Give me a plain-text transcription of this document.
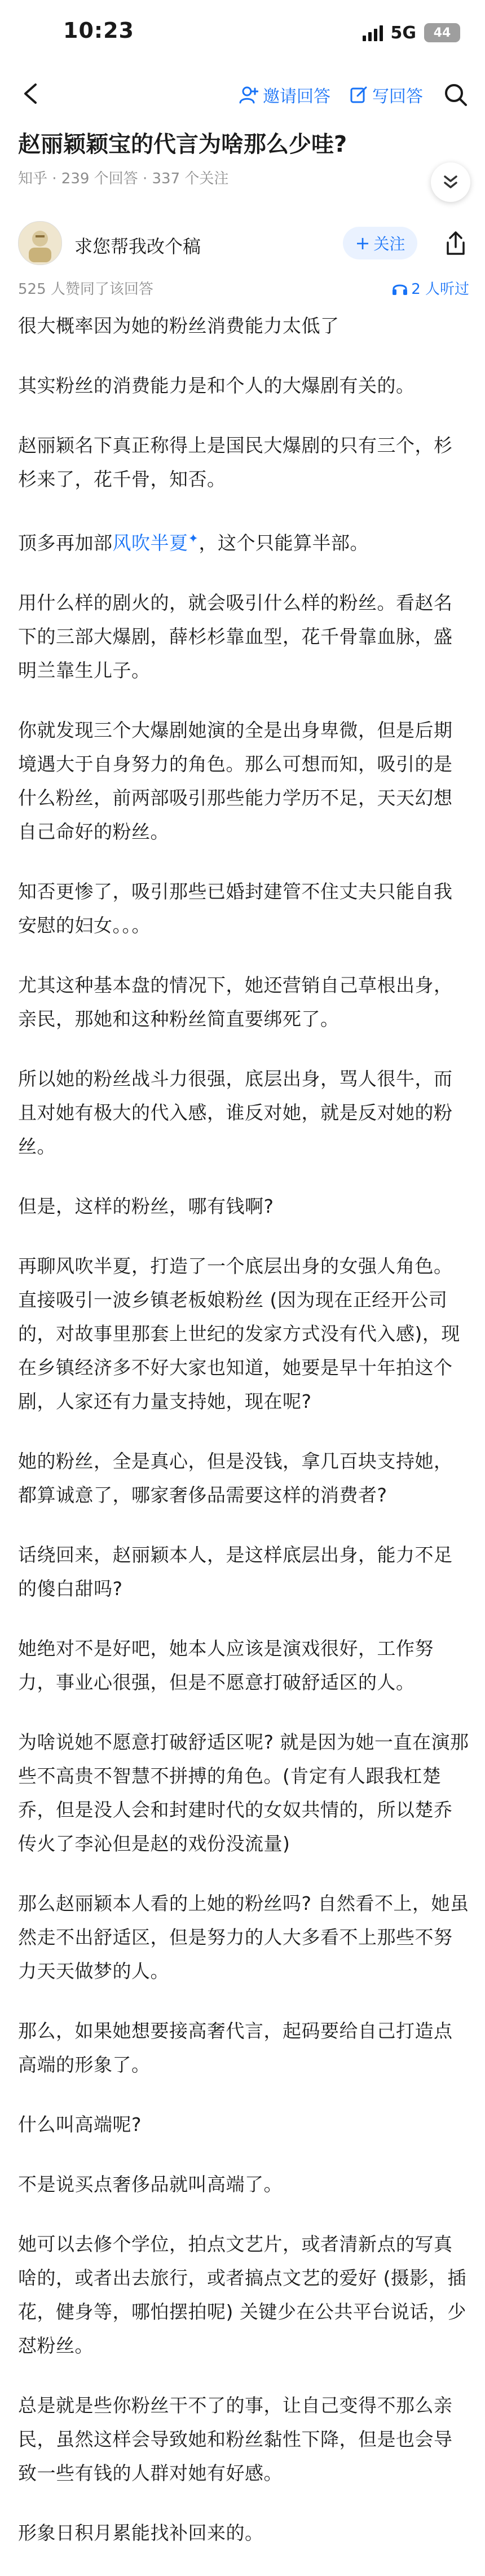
10:23	5G 44
邀请回答 写回答
赵丽颖颖宝的代言为啥那么少哇?
知乎 · 239 个回答 · 337 个关注
求您帮我改个稿	+ 关注
525 人赞同了该回答	2 人听过

很大概率因为她的粉丝消费能力太低了

其实粉丝的消费能力是和个人的大爆剧有关的。

赵丽颖名下真正称得上是国民大爆剧的只有三个，杉杉来了，花千骨，知否。

顶多再加部风吹半夏✦，这个只能算半部。

用什么样的剧火的，就会吸引什么样的粉丝。看赵名下的三部大爆剧，薛杉杉靠血型，花千骨靠血脉，盛明兰靠生儿子。

你就发现三个大爆剧她演的全是出身卑微，但是后期境遇大于自身努力的角色。那么可想而知，吸引的是什么粉丝，前两部吸引那些能力学历不足，天天幻想自己命好的粉丝。

知否更惨了，吸引那些已婚封建管不住丈夫只能自我安慰的妇女。。。

尤其这种基本盘的情况下，她还营销自己草根出身，亲民，那她和这种粉丝简直要绑死了。

所以她的粉丝战斗力很强，底层出身，骂人很牛，而且对她有极大的代入感，谁反对她，就是反对她的粉丝。

但是，这样的粉丝，哪有钱啊?

再聊风吹半夏，打造了一个底层出身的女强人角色。直接吸引一波乡镇老板娘粉丝 (因为现在正经开公司的，对故事里那套上世纪的发家方式没有代入感)，现在乡镇经济多不好大家也知道，她要是早十年拍这个剧，人家还有力量支持她，现在呢?

她的粉丝，全是真心，但是没钱，拿几百块支持她，都算诚意了，哪家奢侈品需要这样的消费者?

话绕回来，赵丽颖本人，是这样底层出身，能力不足的傻白甜吗?

她绝对不是好吧，她本人应该是演戏很好，工作努力，事业心很强，但是不愿意打破舒适区的人。

为啥说她不愿意打破舒适区呢? 就是因为她一直在演那些不高贵不智慧不拼搏的角色。(肯定有人跟我杠楚乔，但是没人会和封建时代的女奴共情的，所以楚乔传火了李沁但是赵的戏份没流量)

那么赵丽颖本人看的上她的粉丝吗? 自然看不上，她虽然走不出舒适区，但是努力的人大多看不上那些不努力天天做梦的人。

那么，如果她想要接高奢代言，起码要给自己打造点高端的形象了。

什么叫高端呢?

不是说买点奢侈品就叫高端了。

她可以去修个学位，拍点文艺片，或者清新点的写真啥的，或者出去旅行，或者搞点文艺的爱好 (摄影，插花，健身等，哪怕摆拍呢) 关键少在公共平台说话，少怼粉丝。

总是就是些你粉丝干不了的事，让自己变得不那么亲民，虽然这样会导致她和粉丝黏性下降，但是也会导致一些有钱的人群对她有好感。

形象日积月累能找补回来的。
